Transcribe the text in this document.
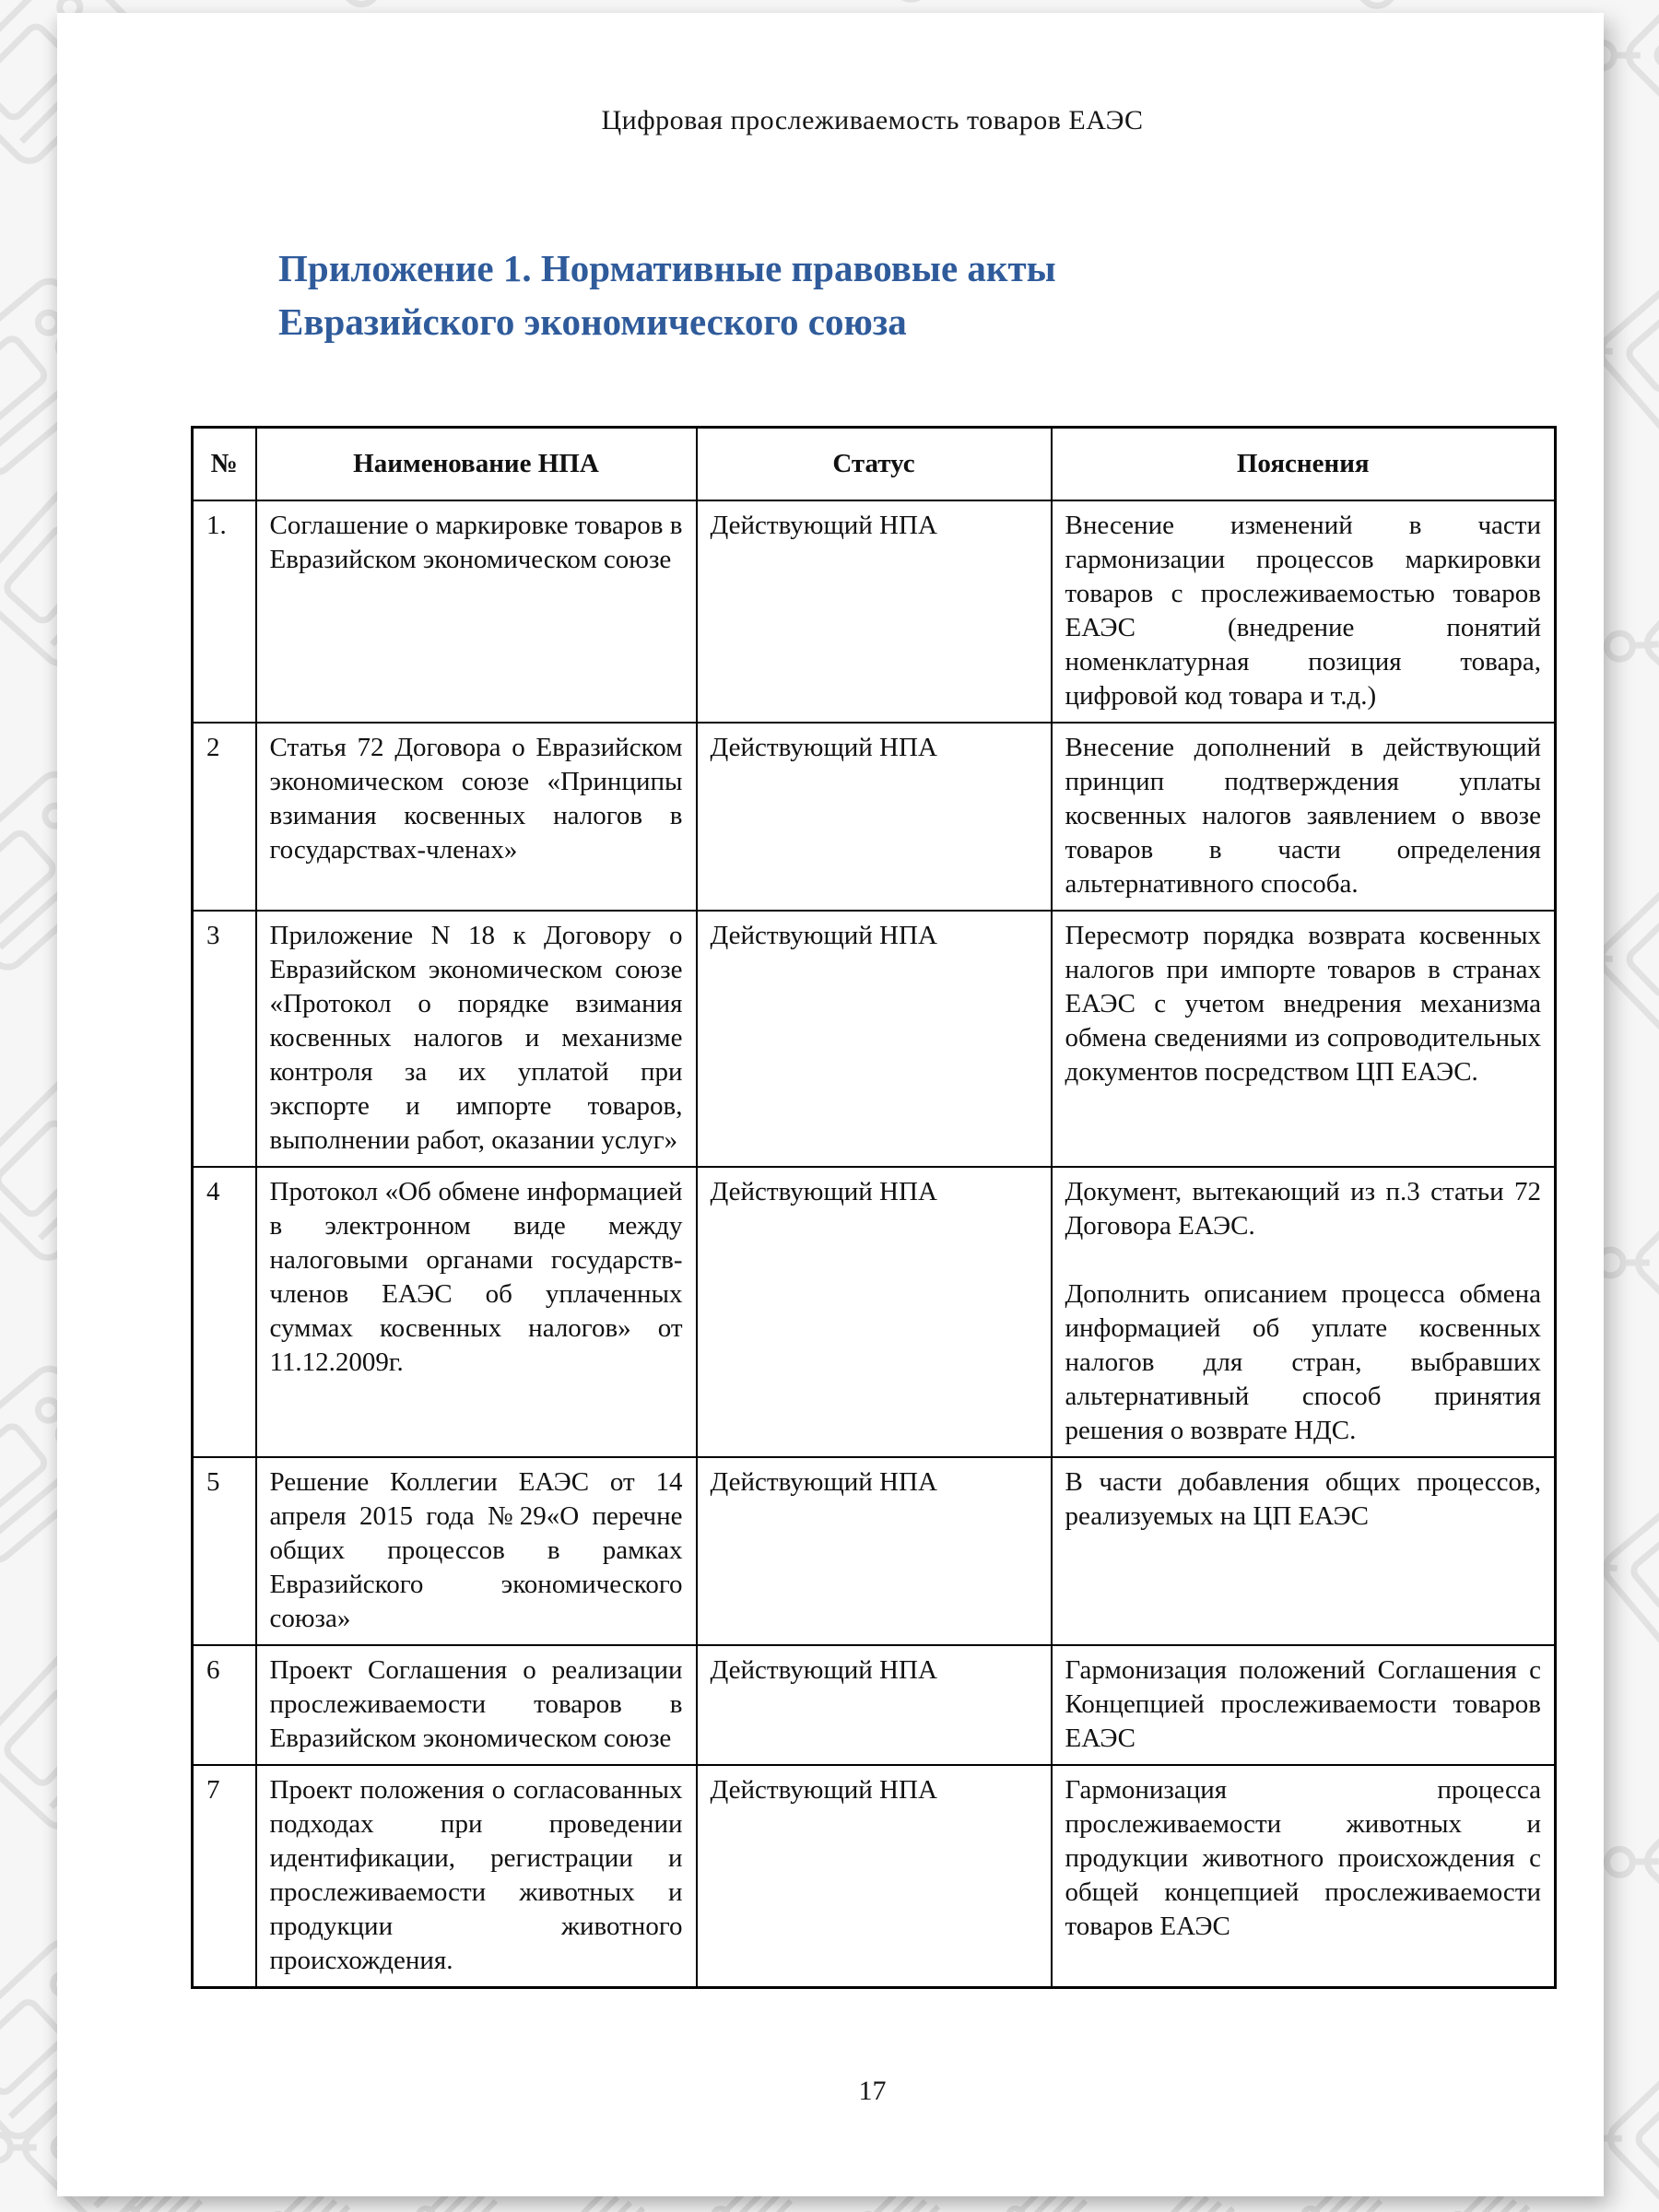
Цифровая прослеживаемость товаров ЕАЭС
Приложение 1. Нормативные правовые акты Евразийского экономического союза
№	Наименование НПА	Статус	Пояснения
1.	Соглашение о маркировке товаров в Евразийском экономическом союзе	Действующий НПА	Внесение изменений в части гармонизации процессов маркировки товаров с прослеживаемостью товаров ЕАЭС (внедрение понятий номенклатурная позиция товара, цифровой код товара и т.д.)

2	Статья 72 Договора о Евразийском экономическом союзе «Принципы взимания косвенных налогов в государствах-членах»	Действующий НПА	Внесение дополнений в действующий принцип подтверждения уплаты косвенных налогов заявлением о ввозе товаров в части определения альтернативного способа.

3	Приложение N 18 к Договору о Евразийском экономическом союзе «Протокол о порядке взимания косвенных налогов и механизме контроля за их уплатой при экспорте и импорте товаров, выполнении работ, оказании услуг»	Действующий НПА	Пересмотр порядка возврата косвенных налогов при импорте товаров в странах ЕАЭС с учетом внедрения механизма обмена сведениями из сопроводительных документов посредством ЦП ЕАЭС.

4	Протокол «Об обмене информацией в электронном виде между налоговыми органами государств-членов ЕАЭС об уплаченных суммах косвенных налогов» от 11.12.2009г.	Действующий НПА	Документ, вытекающий из п.3 статьи 72 Договора ЕАЭС.

Дополнить описанием процесса обмена информацией об уплате косвенных налогов для стран, выбравших альтернативный способ принятия решения о возврате НДС.

5	Решение Коллегии ЕАЭС от 14 апреля 2015 года №29«О перечне общих процессов в рамках Евразийского экономического союза»	Действующий НПА	В части добавления общих процессов, реализуемых на ЦП ЕАЭС

6	Проект Соглашения о реализации прослеживаемости товаров в Евразийском экономическом союзе	Действующий НПА	Гармонизация положений Соглашения с Концепцией прослеживаемости товаров ЕАЭС

7	Проект положения о согласованных подходах при проведении идентификации, регистрации и прослеживаемости животных и продукции животного происхождения.	Действующий НПА	Гармонизация процесса прослеживаемости животных и продукции животного происхождения с общей концепцией прослеживаемости товаров ЕАЭС

17
